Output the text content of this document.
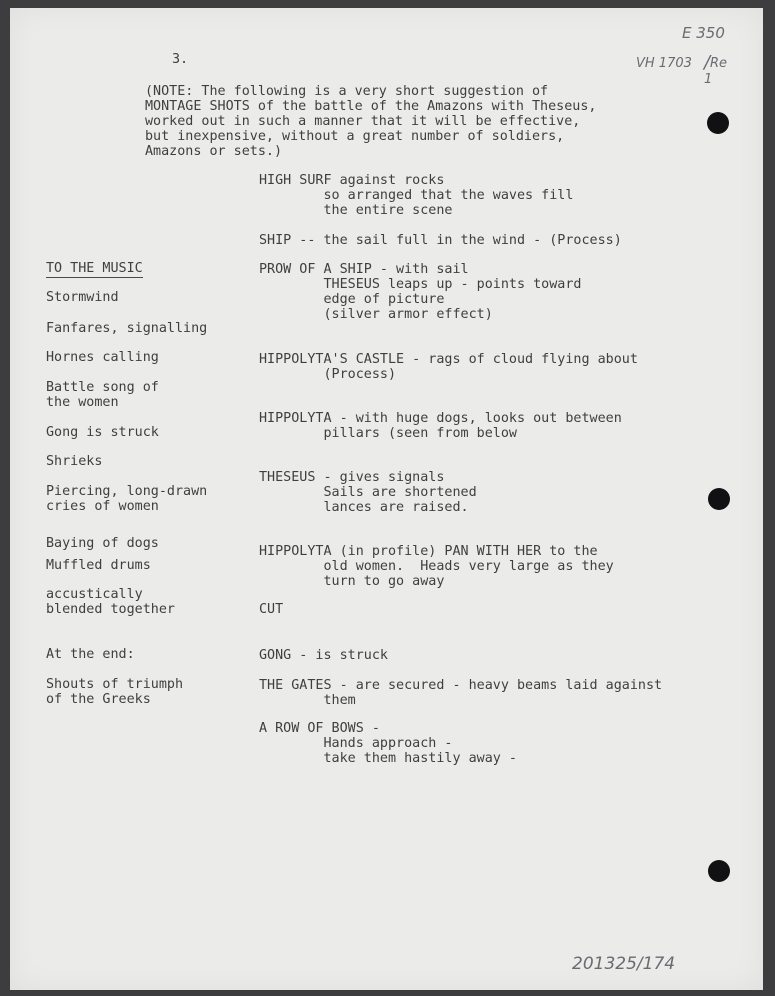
E 350
VH 1703 / Re
1
201325/174

3.

(NOTE: The following is a very short suggestion of

MONTAGE SHOTS of the battle of the Amazons with Theseus,

worked out in such a manner that it will be effective,

but inexpensive, without a great number of soldiers,

Amazons or sets.)

TO THE MUSIC

Stormwind

Fanfares, signalling

Hornes calling

Battle song of
the women

Gong is struck

Shrieks

Piercing, long-drawn
cries of women

Baying of dogs

Muffled drums

accustically
blended together

At the end:

Shouts of triumph
of the Greeks

HIGH SURF against rocks
so arranged that the waves fill
the entire scene

SHIP -- the sail full in the wind - (Process)

PROW OF A SHIP - with sail
THESEUS leaps up - points toward
edge of picture
(silver armor effect)

HIPPOLYTA'S CASTLE - rags of cloud flying about
(Process)

HIPPOLYTA - with huge dogs, looks out between
pillars (seen from below

THESEUS - gives signals
Sails are shortened
lances are raised.

HIPPOLYTA (in profile) PAN WITH HER to the
old women.  Heads very large as they
turn to go away

CUT

GONG - is struck

THE GATES - are secured - heavy beams laid against
them

A ROW OF BOWS -
Hands approach -
take them hastily away -
